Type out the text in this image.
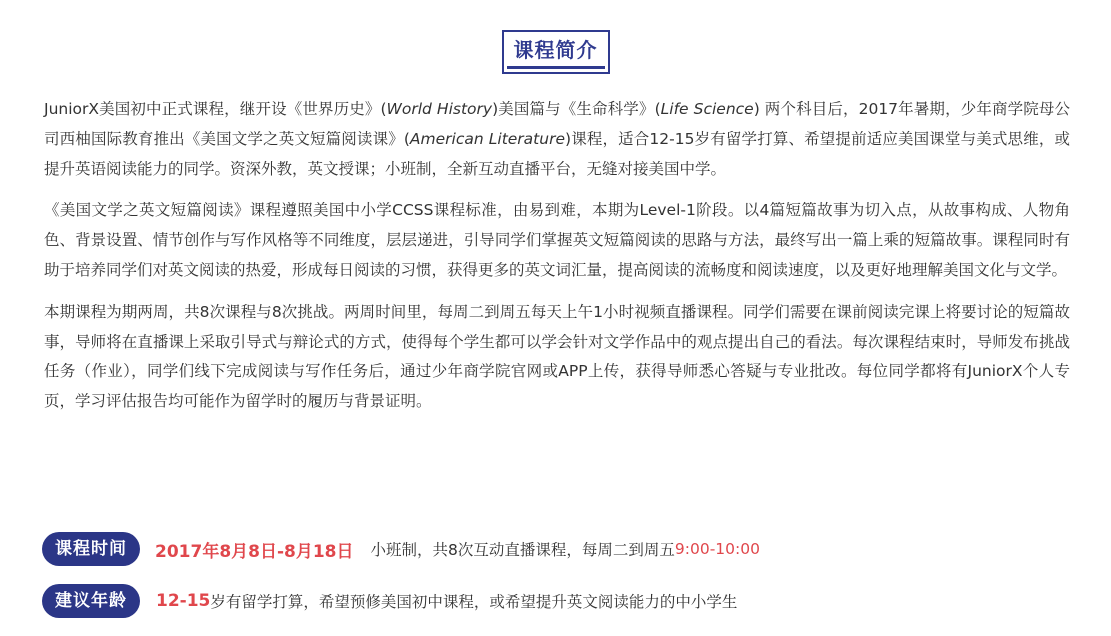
课程简介

JuniorX美国初中正式课程，继开设《世界历史》(World History)美国篇与《生命科学》(Life Science) 两个科目后，2017年暑期，少年商学院母公司西柚国际教育推出《美国文学之英文短篇阅读课》(American Literature)课程，适合12-15岁有留学打算、希望提前适应美国课堂与美式思维，或提升英语阅读能力的同学。资深外教，英文授课；小班制，全新互动直播平台，无缝对接美国中学。

《美国文学之英文短篇阅读》课程遵照美国中小学CCSS课程标准，由易到难，本期为Level-1阶段。以4篇短篇故事为切入点，从故事构成、人物角色、背景设置、情节创作与写作风格等不同维度，层层递进，引导同学们掌握英文短篇阅读的思路与方法，最终写出一篇上乘的短篇故事。课程同时有助于培养同学们对英文阅读的热爱，形成每日阅读的习惯，获得更多的英文词汇量，提高阅读的流畅度和阅读速度，以及更好地理解美国文化与文学。

本期课程为期两周，共8次课程与8次挑战。两周时间里，每周二到周五每天上午1小时视频直播课程。同学们需要在课前阅读完课上将要讨论的短篇故事，导师将在直播课上采取引导式与辩论式的方式，使得每个学生都可以学会针对文学作品中的观点提出自己的看法。每次课程结束时，导师发布挑战任务（作业），同学们线下完成阅读与写作任务后，通过少年商学院官网或APP上传，获得导师悉心答疑与专业批改。每位同学都将有JuniorX个人专页，学习评估报告均可能作为留学时的履历与背景证明。

课程时间	2017年8月8日-8月18日 小班制，共8次互动直播课程，每周二到周五 9:00-10:00
建议年龄	12-15 岁有留学打算，希望预修美国初中课程，或希望提升英文阅读能力的中小学生
